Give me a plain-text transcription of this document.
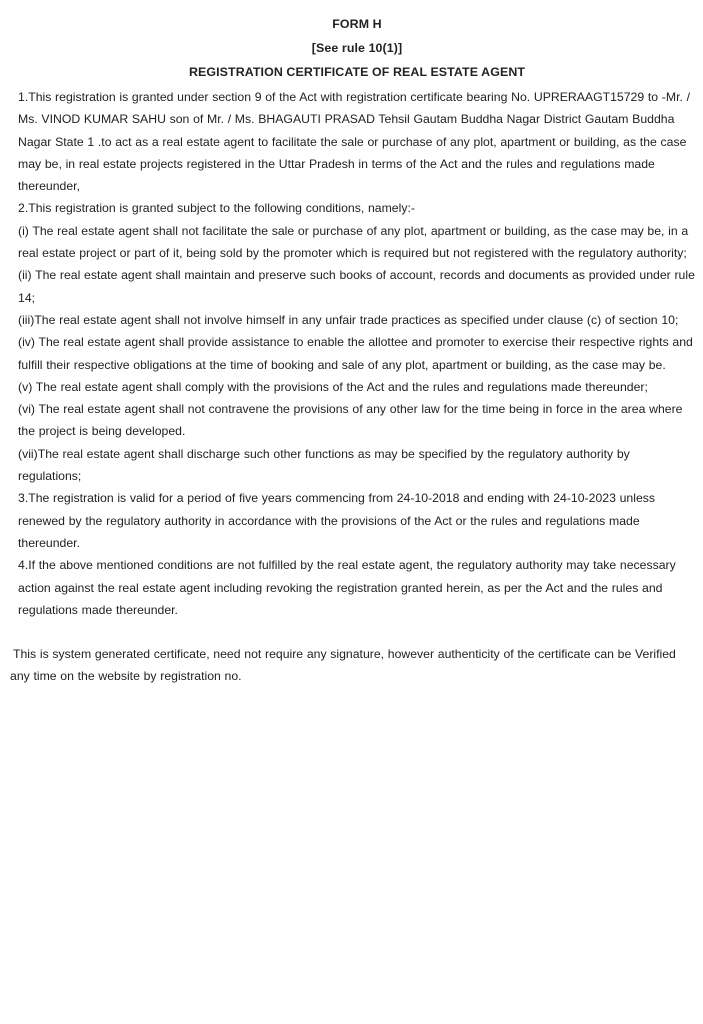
FORM H
[See rule 10(1)]
REGISTRATION CERTIFICATE OF REAL ESTATE AGENT

1.This registration is granted under section 9 of the Act with registration certificate bearing No. UPRERAAGT15729 to -Mr. / Ms. VINOD KUMAR SAHU son of Mr. / Ms. BHAGAUTI PRASAD Tehsil Gautam Buddha Nagar District Gautam Buddha Nagar State 1 .to act as a real estate agent to facilitate the sale or purchase of any plot, apartment or building, as the case may be, in real estate projects registered in the Uttar Pradesh in terms of the Act and the rules and regulations made thereunder,

2.This registration is granted subject to the following conditions, namely:-

(i) The real estate agent shall not facilitate the sale or purchase of any plot, apartment or building, as the case may be, in a real estate project or part of it, being sold by the promoter which is required but not registered with the regulatory authority;

(ii) The real estate agent shall maintain and preserve such books of account, records and documents as provided under rule 14;

(iii)The real estate agent shall not involve himself in any unfair trade practices as specified under clause (c) of section 10;

(iv) The real estate agent shall provide assistance to enable the allottee and promoter to exercise their respective rights and fulfill their respective obligations at the time of booking and sale of any plot, apartment or building, as the case may be.

(v) The real estate agent shall comply with the provisions of the Act and the rules and regulations made thereunder;

(vi) The real estate agent shall not contravene the provisions of any other law for the time being in force in the area where the project is being developed.

(vii)The real estate agent shall discharge such other functions as may be specified by the regulatory authority by regulations;

3.The registration is valid for a period of five years commencing from 24-10-2018 and ending with 24-10-2023 unless renewed by the regulatory authority in accordance with the provisions of the Act or the rules and regulations made thereunder.

4.If the above mentioned conditions are not fulfilled by the real estate agent, the regulatory authority may take necessary action against the real estate agent including revoking the registration granted herein, as per the Act and the rules and regulations made thereunder.

This is system generated certificate, need not require any signature, however authenticity of the certificate can be Verified any time on the website by registration no.
